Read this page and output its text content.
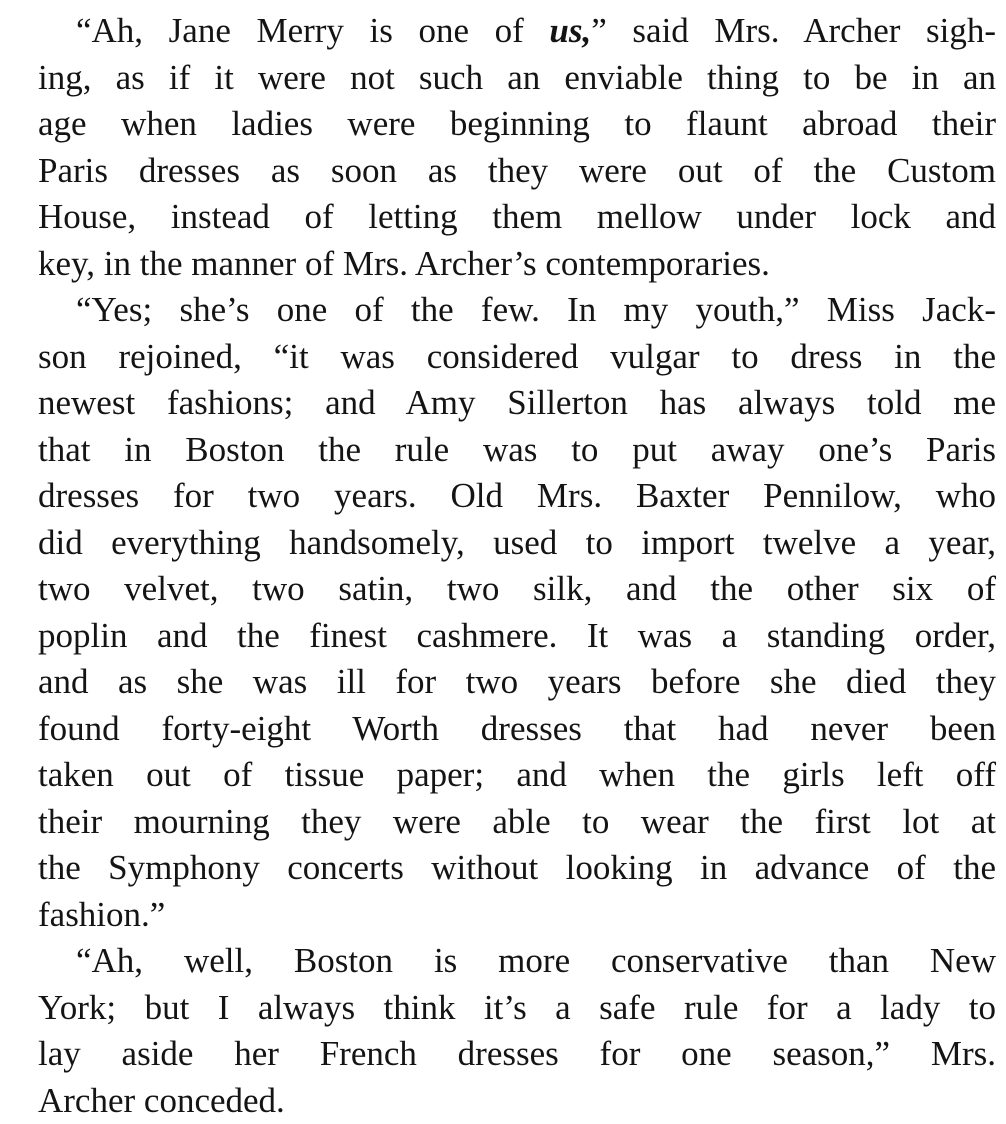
“Ah, Jane Merry is one of us,” said Mrs. Archer sigh-
ing, as if it were not such an enviable thing to be in an
age when ladies were beginning to flaunt abroad their
Paris dresses as soon as they were out of the Custom
House, instead of letting them mellow under lock and
key, in the manner of Mrs. Archer’s contemporaries.

“Yes; she’s one of the few. In my youth,” Miss Jack-
son rejoined, “it was considered vulgar to dress in the
newest fashions; and Amy Sillerton has always told me
that in Boston the rule was to put away one’s Paris
dresses for two years. Old Mrs. Baxter Pennilow, who
did everything handsomely, used to import twelve a year,
two velvet, two satin, two silk, and the other six of
poplin and the finest cashmere. It was a standing order,
and as she was ill for two years before she died they
found forty-eight Worth dresses that had never been
taken out of tissue paper; and when the girls left off
their mourning they were able to wear the first lot at
the Symphony concerts without looking in advance of the
fashion.”

“Ah, well, Boston is more conservative than New
York; but I always think it’s a safe rule for a lady to
lay aside her French dresses for one season,” Mrs.
Archer conceded.
